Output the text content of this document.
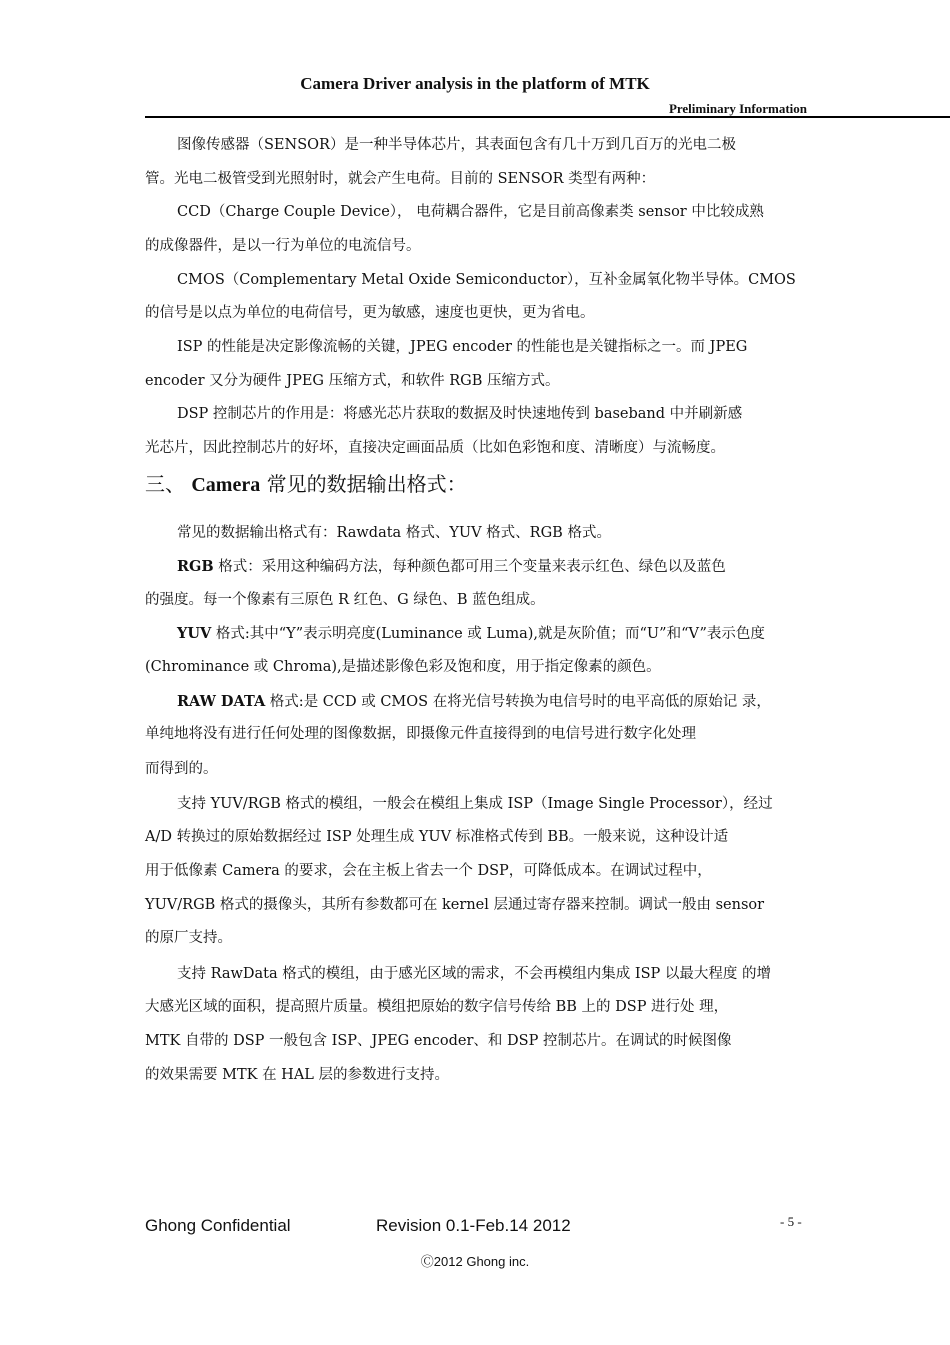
Camera Driver analysis in the platform of MTK
Preliminary Information
图像传感器（SENSOR）是一种半导体芯片，其表面包含有几十万到几百万的光电二极
管。光电二极管受到光照射时，就会产生电荷。目前的 SENSOR 类型有两种：
CCD（Charge Couple Device）， 电荷耦合器件，它是目前高像素类 sensor 中比较成熟
的成像器件，是以一行为单位的电流信号。
CMOS（Complementary Metal Oxide Semiconductor），互补金属氧化物半导体。CMOS
的信号是以点为单位的电荷信号，更为敏感，速度也更快，更为省电。
ISP 的性能是决定影像流畅的关键，JPEG encoder 的性能也是关键指标之一。而 JPEG
encoder 又分为硬件 JPEG 压缩方式，和软件 RGB 压缩方式。
DSP 控制芯片的作用是：将感光芯片获取的数据及时快速地传到 baseband 中并刷新感
光芯片，因此控制芯片的好坏，直接决定画面品质（比如色彩饱和度、清晰度）与流畅度。
三、 Camera 常见的数据输出格式：
常见的数据输出格式有：Rawdata 格式、YUV 格式、RGB 格式。
RGB 格式：采用这种编码方法，每种颜色都可用三个变量来表示红色、绿色以及蓝色
的强度。每一个像素有三原色 R 红色、G 绿色、B 蓝色组成。
YUV 格式:其中“Y”表示明亮度(Luminance 或 Luma),就是灰阶值；而“U”和“V”表示色度
(Chrominance 或 Chroma),是描述影像色彩及饱和度，用于指定像素的颜色。
RAW DATA 格式:是 CCD 或 CMOS 在将光信号转换为电信号时的电平高低的原始记 录，
单纯地将没有进行任何处理的图像数据，即摄像元件直接得到的电信号进行数字化处理
而得到的。
支持 YUV/RGB 格式的模组，一般会在模组上集成 ISP（Image Single Processor），经过
A/D 转换过的原始数据经过 ISP 处理生成 YUV 标准格式传到 BB。一般来说，这种设计适
用于低像素 Camera 的要求，会在主板上省去一个 DSP，可降低成本。在调试过程中，
YUV/RGB 格式的摄像头，其所有参数都可在 kernel 层通过寄存器来控制。调试一般由 sensor
的原厂支持。
支持 RawData 格式的模组，由于感光区域的需求，不会再模组内集成 ISP 以最大程度 的增
大感光区域的面积，提高照片质量。模组把原始的数字信号传给 BB 上的 DSP 进行处 理，
MTK 自带的 DSP 一般包含 ISP、JPEG encoder、和 DSP 控制芯片。在调试的时候图像
的效果需要 MTK 在 HAL 层的参数进行支持。
Ghong Confidential	Revision 0.1-Feb.14 2012	- 5 -
Ⓒ2012 Ghong inc.
